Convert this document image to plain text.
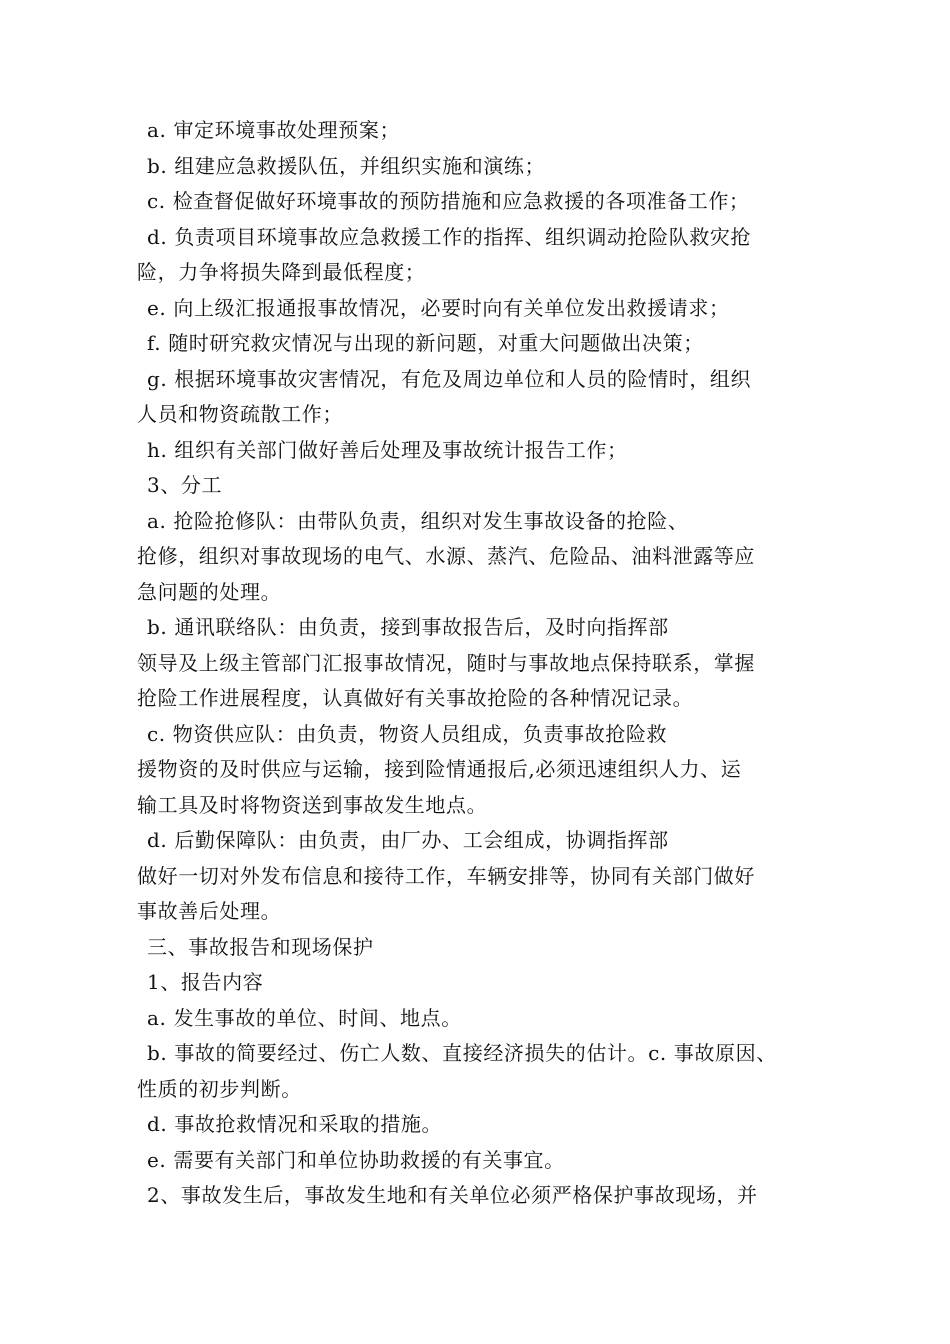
a. 审定环境事故处理预案；
b. 组建应急救援队伍，并组织实施和演练；
c. 检查督促做好环境事故的预防措施和应急救援的各项准备工作；
d. 负责项目环境事故应急救援工作的指挥、组织调动抢险队救灾抢
险，力争将损失降到最低程度；
e. 向上级汇报通报事故情况，必要时向有关单位发出救援请求；
f. 随时研究救灾情况与出现的新问题，对重大问题做出决策；
g. 根据环境事故灾害情况，有危及周边单位和人员的险情时，组织
人员和物资疏散工作；
h. 组织有关部门做好善后处理及事故统计报告工作；
3、分工
a. 抢险抢修队：由带队负责，组织对发生事故设备的抢险、
抢修，组织对事故现场的电气、水源、蒸汽、危险品、油料泄露等应
急问题的处理。
b. 通讯联络队：由负责，接到事故报告后，及时向指挥部
领导及上级主管部门汇报事故情况，随时与事故地点保持联系，掌握
抢险工作进展程度，认真做好有关事故抢险的各种情况记录。
c. 物资供应队：由负责，物资人员组成，负责事故抢险救
援物资的及时供应与运输，接到险情通报后,必须迅速组织人力、运
输工具及时将物资送到事故发生地点。
d. 后勤保障队：由负责，由厂办、工会组成，协调指挥部
做好一切对外发布信息和接待工作，车辆安排等，协同有关部门做好
事故善后处理。
三、事故报告和现场保护
1、报告内容
a. 发生事故的单位、时间、地点。
b. 事故的简要经过、伤亡人数、直接经济损失的估计。c. 事故原因、
性质的初步判断。
d. 事故抢救情况和采取的措施。
e. 需要有关部门和单位协助救援的有关事宜。
2、事故发生后，事故发生地和有关单位必须严格保护事故现场，并
